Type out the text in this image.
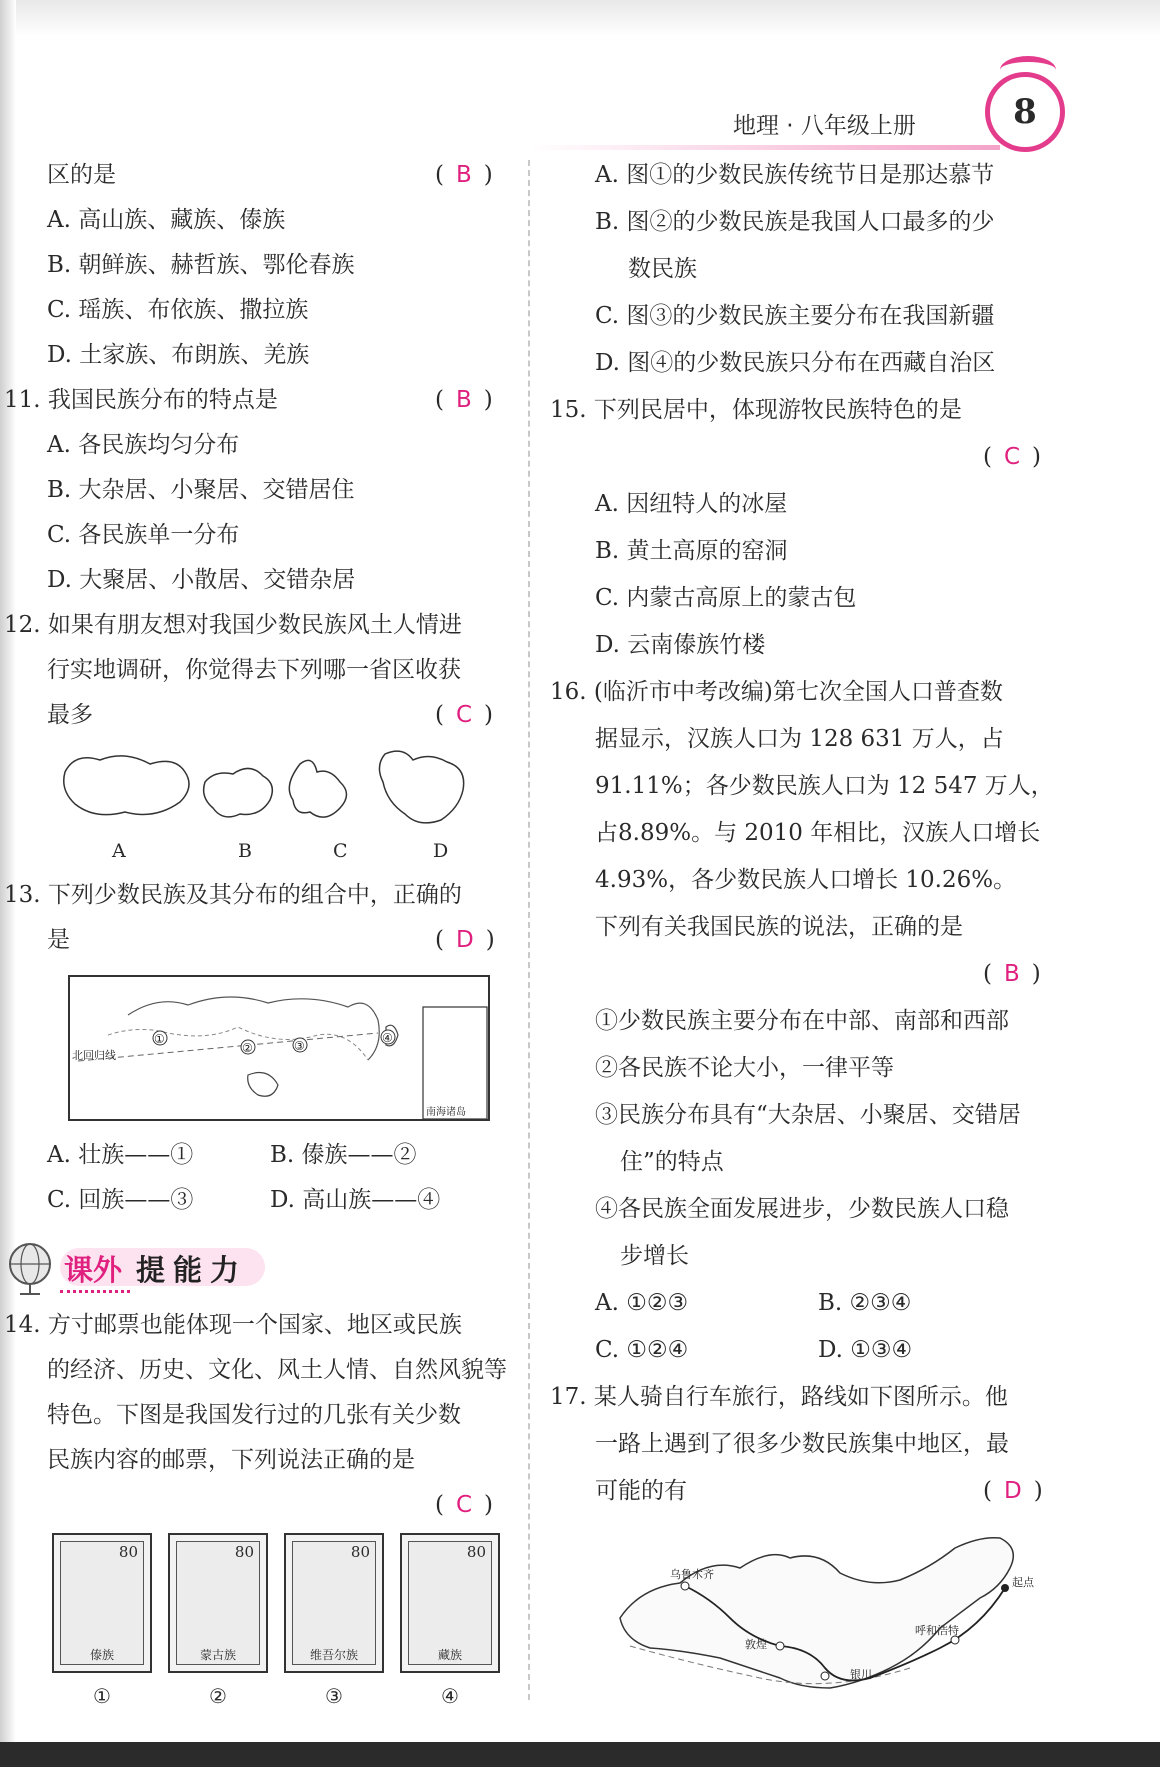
地理 · 八年级上册	8
区的是	( B )
A. 高山族、藏族、傣族
B. 朝鲜族、赫哲族、鄂伦春族
C. 瑶族、布依族、撒拉族
D. 土家族、布朗族、羌族
11. 我国民族分布的特点是	( B )
A. 各民族均匀分布
B. 大杂居、小聚居、交错居住
C. 各民族单一分布
D. 大聚居、小散居、交错杂居
12. 如果有朋友想对我国少数民族风土人情进
行实地调研，你觉得去下列哪一省区收获
最多	( C )
A	B	C	D
13. 下列少数民族及其分布的组合中，正确的
是	( D )
①
②	③
④
北回归线
南海诸岛
A. 壮族——①	B. 傣族——②
C. 回族——③	D. 高山族——④
课外 提能力
14. 方寸邮票也能体现一个国家、地区或民族
的经济、历史、文化、风土人情、自然风貌等
特色。下图是我国发行过的几张有关少数
民族内容的邮票，下列说法正确的是
( C )
80
傣族
80
蒙古族
80
维吾尔族
80
藏族
①	②	③	④
A. 图①的少数民族传统节日是那达慕节
B. 图②的少数民族是我国人口最多的少
数民族
C. 图③的少数民族主要分布在我国新疆
D. 图④的少数民族只分布在西藏自治区
15. 下列民居中，体现游牧民族特色的是
( C )
A. 因纽特人的冰屋
B. 黄土高原的窑洞
C. 内蒙古高原上的蒙古包
D. 云南傣族竹楼
16. (临沂市中考改编)第七次全国人口普查数
据显示，汉族人口为 128 631 万人，占
91.11%；各少数民族人口为 12 547 万人，
占8.89%。与 2010 年相比，汉族人口增长
4.93%，各少数民族人口增长 10.26%。
下列有关我国民族的说法，正确的是
( B )
①少数民族主要分布在中部、南部和西部
②各民族不论大小，一律平等
③民族分布具有“大杂居、小聚居、交错居
住”的特点
④各民族全面发展进步，少数民族人口稳
步增长
A. ①②③	B. ②③④
C. ①②④	D. ①③④
17. 某人骑自行车旅行，路线如下图所示。他
一路上遇到了很多少数民族集中地区，最
可能的有	( D )
乌鲁木齐
起点
呼和浩特
敦煌
银川
